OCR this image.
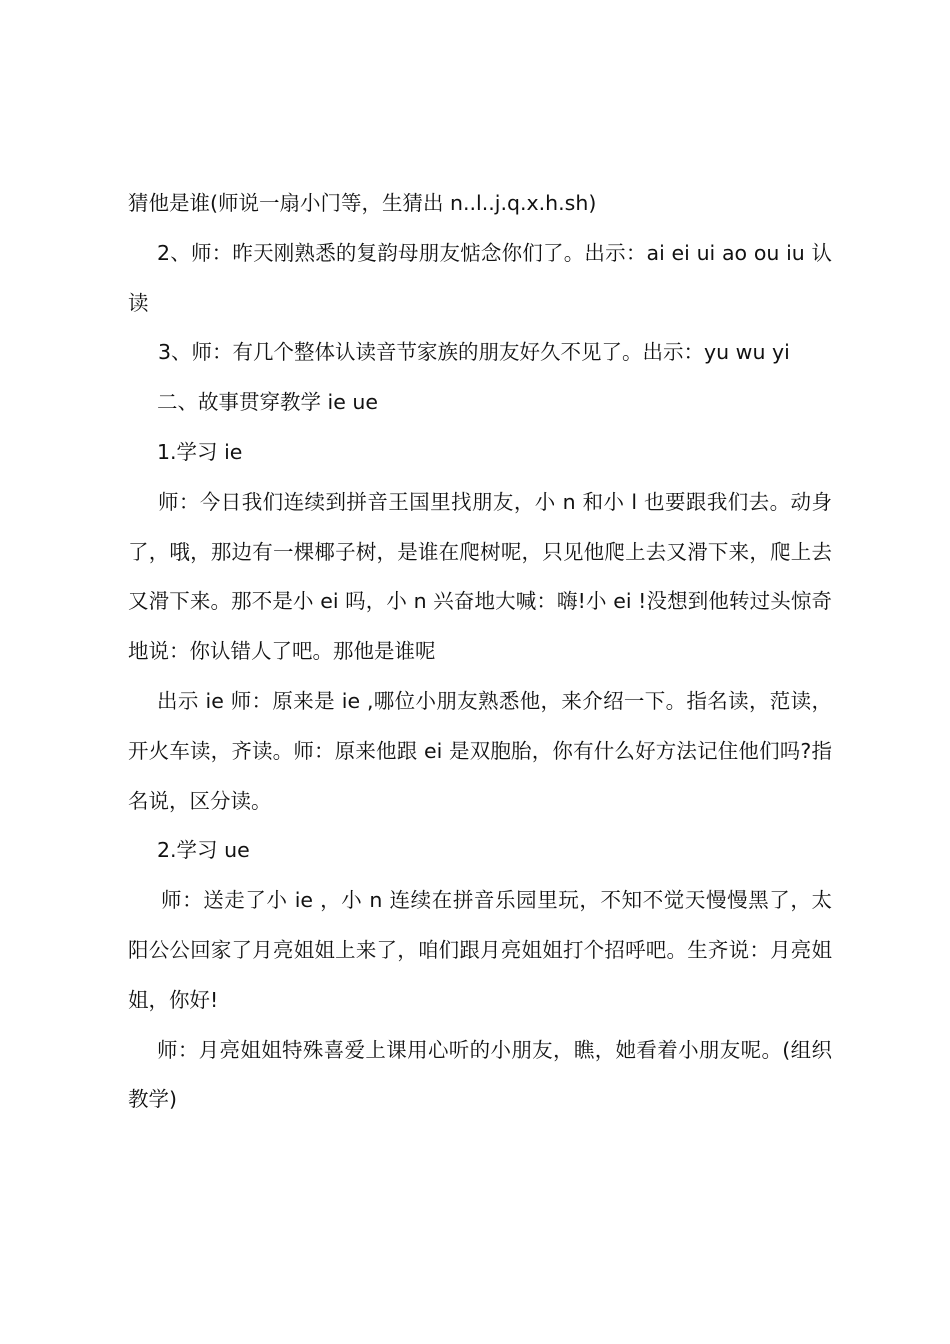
猜他是谁(师说一扇小门等，生猜出 n..l..j.q.x.h.sh)

2、师：昨天刚熟悉的复韵母朋友惦念你们了。出示：ai ei ui ao ou iu 认读

3、师：有几个整体认读音节家族的朋友好久不见了。出示：yu wu yi

二、故事贯穿教学 ie ue

1.学习 ie

师：今日我们连续到拼音王国里找朋友，小 n 和小 l 也要跟我们去。动身了，哦，那边有一棵椰子树，是谁在爬树呢，只见他爬上去又滑下来，爬上去又滑下来。那不是小 ei 吗，小 n 兴奋地大喊：嗨!小 ei !没想到他转过头惊奇地说：你认错人了吧。那他是谁呢

出示 ie 师：原来是 ie ,哪位小朋友熟悉他，来介绍一下。指名读，范读，开火车读，齐读。师：原来他跟 ei 是双胞胎，你有什么好方法记住他们吗?指名说，区分读。

2.学习 ue

师：送走了小 ie ，小 n 连续在拼音乐园里玩，不知不觉天慢慢黑了，太阳公公回家了月亮姐姐上来了，咱们跟月亮姐姐打个招呼吧。生齐说：月亮姐姐，你好!

师：月亮姐姐特殊喜爱上课用心听的小朋友，瞧，她看着小朋友呢。(组织教学)
